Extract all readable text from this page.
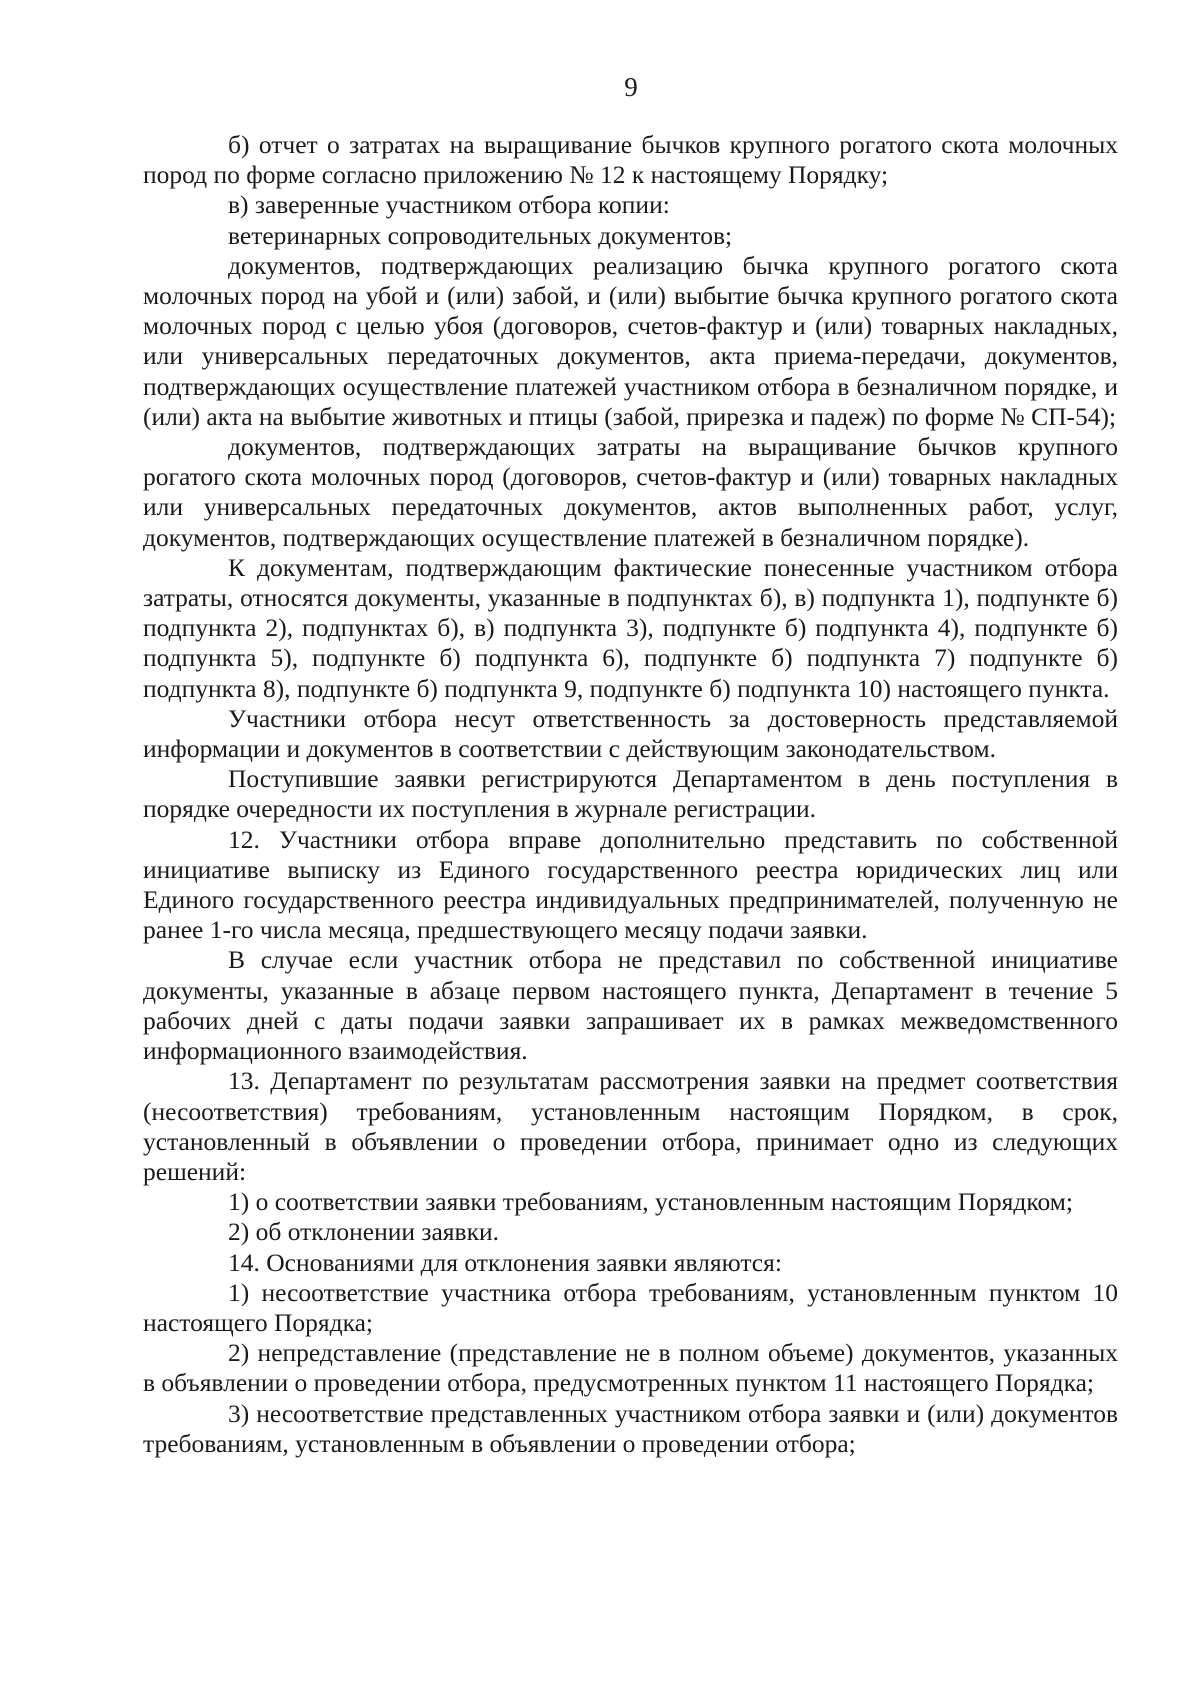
9

б) отчет о затратах на выращивание бычков крупного рогатого скота молочных пород по форме согласно приложению № 12 к настоящему Порядку;

в) заверенные участником отбора копии:

ветеринарных сопроводительных документов;

документов, подтверждающих реализацию бычка крупного рогатого скота молочных пород на убой и (или) забой, и (или) выбытие бычка крупного рогатого скота молочных пород с целью убоя (договоров, счетов-фактур и (или) товарных накладных, или универсальных передаточных документов, акта приема-передачи, документов, подтверждающих осуществление платежей участником отбора в безналичном порядке, и (или) акта на выбытие животных и птицы (забой, прирезка и падеж) по форме № СП-54);

документов, подтверждающих затраты на выращивание бычков крупного рогатого скота молочных пород (договоров, счетов-фактур и (или) товарных накладных или универсальных передаточных документов, актов выполненных работ, услуг, документов, подтверждающих осуществление платежей в безналичном порядке).

К документам, подтверждающим фактические понесенные участником отбора затраты, относятся документы, указанные в подпунктах б), в) подпункта 1), подпункте б) подпункта 2), подпунктах б), в) подпункта 3), подпункте б) подпункта 4), подпункте б) подпункта 5), подпункте б) подпункта 6), подпункте б) подпункта 7) подпункте б) подпункта 8), подпункте б) подпункта 9, подпункте б) подпункта 10) настоящего пункта.

Участники отбора несут ответственность за достоверность представляемой информации и документов в соответствии с действующим законодательством.

Поступившие заявки регистрируются Департаментом в день поступления в порядке очередности их поступления в журнале регистрации.

12. Участники отбора вправе дополнительно представить по собственной инициативе выписку из Единого государственного реестра юридических лиц или Единого государственного реестра индивидуальных предпринимателей, полученную не ранее 1-го числа месяца, предшествующего месяцу подачи заявки.

В случае если участник отбора не представил по собственной инициативе документы, указанные в абзаце первом настоящего пункта, Департамент в течение 5 рабочих дней с даты подачи заявки запрашивает их в рамках межведомственного информационного взаимодействия.

13. Департамент по результатам рассмотрения заявки на предмет соответствия (несоответствия) требованиям, установленным настоящим Порядком, в срок, установленный в объявлении о проведении отбора, принимает одно из следующих решений:

1) о соответствии заявки требованиям, установленным настоящим Порядком;

2) об отклонении заявки.

14. Основаниями для отклонения заявки являются:

1) несоответствие участника отбора требованиям, установленным пунктом 10 настоящего Порядка;

2) непредставление (представление не в полном объеме) документов, указанных в объявлении о проведении отбора, предусмотренных пунктом 11 настоящего Порядка;

3) несоответствие представленных участником отбора заявки и (или) документов требованиям, установленным в объявлении о проведении отбора;
